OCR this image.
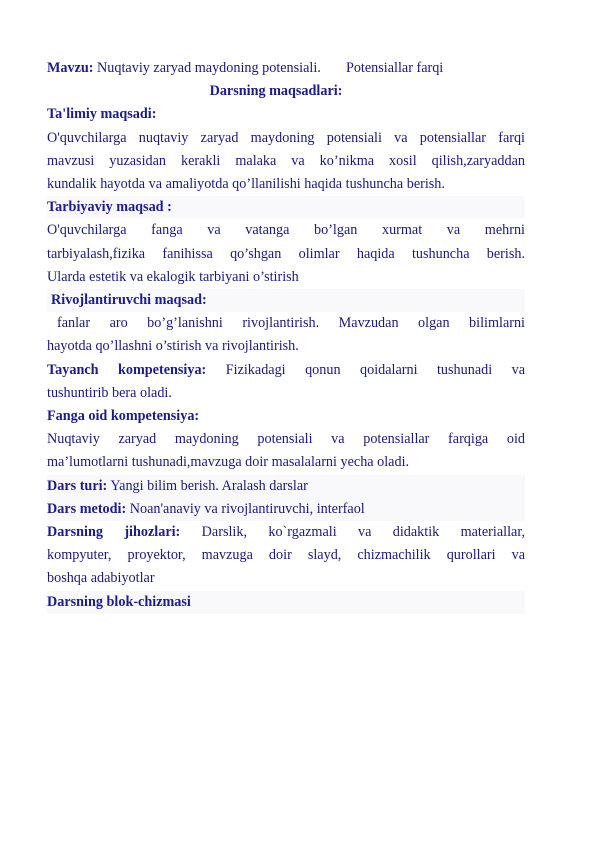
Mavzu: Nuqtaviy zaryad maydoning potensiali. Potensiallar farqi
Darsning maqsadlari:
Ta'limiy maqsadi:
O'quvchilarga nuqtaviy zaryad maydoning potensiali va potensiallar farqi
mavzusi yuzasidan kerakli malaka va ko’nikma xosil qilish,zaryaddan
kundalik hayotda va amaliyotda qo’llanilishi haqida tushuncha berish.
Tarbiyaviy maqsad :
O'quvchilarga fanga va vatanga bo’lgan xurmat va mehrni
tarbiyalash,fizika fanihissa qo’shgan olimlar haqida tushuncha berish.
Ularda estetik va ekalogik tarbiyani o’stirish
Rivojlantiruvchi maqsad:
fanlar aro bo’g’lanishni rivojlantirish. Mavzudan olgan bilimlarni
hayotda qo’llashni o’stirish va rivojlantirish.
Tayanch kompetensiya: Fizikadagi qonun qoidalarni tushunadi va
tushuntirib bera oladi.
Fanga oid kompetensiya:
Nuqtaviy zaryad maydoning potensiali va potensiallar farqiga oid
ma’lumotlarni tushunadi,mavzuga doir masalalarni yecha oladi.
Dars turi: Yangi bilim berish. Aralash darslar
Dars metodi: Noan'anaviy va rivojlantiruvchi, interfaol
Darsning jihozlari: Darslik, ko`rgazmali va didaktik materiallar,
kompyuter, proyektor, mavzuga doir slayd, chizmachilik qurollari va
boshqa adabiyotlar
Darsning blok-chizmasi
